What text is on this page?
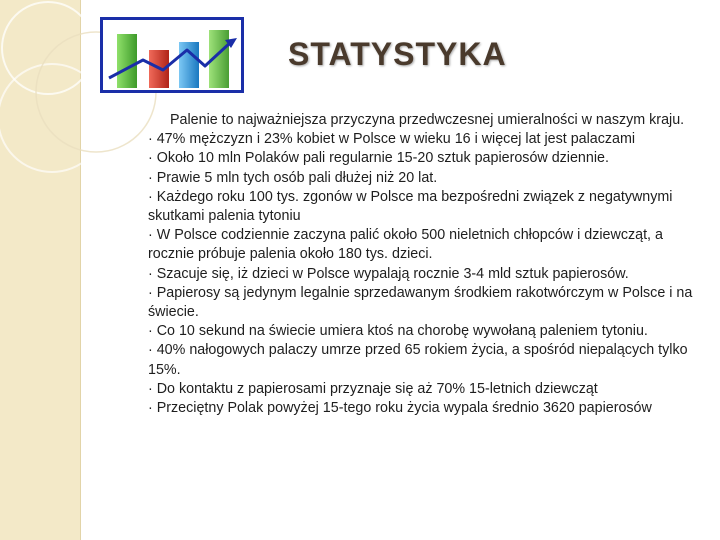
STATYSTYKA

Palenie to najważniejsza przyczyna przedwczesnej umieralności w naszym kraju.

· 47% mężczyzn i 23% kobiet w Polsce w wieku 16 i więcej lat jest palaczami

· Około 10 mln Polaków pali regularnie 15-20 sztuk papierosów dziennie.

· Prawie 5 mln tych osób pali dłużej niż 20 lat.

· Każdego roku 100 tys. zgonów w Polsce ma bezpośredni związek z negatywnymi skutkami palenia tytoniu

· W Polsce codziennie zaczyna palić około 500 nieletnich chłopców i dziewcząt, a rocznie próbuje palenia około 180 tys. dzieci.

· Szacuje się, iż dzieci w Polsce wypalają rocznie 3-4 mld sztuk papierosów.

· Papierosy są jedynym legalnie sprzedawanym środkiem rakotwórczym w Polsce i na świecie.

· Co 10 sekund na świecie umiera ktoś na chorobę wywołaną paleniem tytoniu.

· 40% nałogowych palaczy umrze przed 65 rokiem życia, a spośród niepalących tylko 15%.

· Do kontaktu z papierosami przyznaje się aż 70% 15-letnich dziewcząt

· Przeciętny Polak powyżej 15-tego roku życia wypala średnio 3620 papierosów
